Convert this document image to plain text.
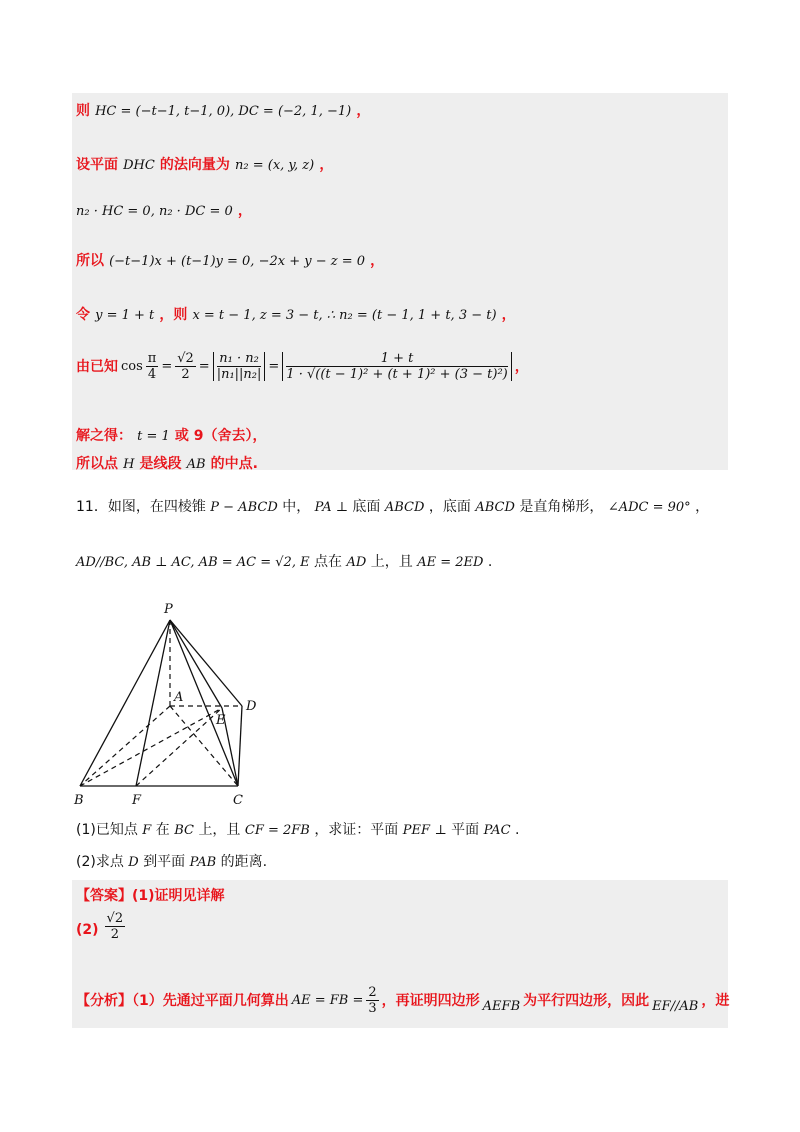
则 HC = (−t−1, t−1, 0), DC = (−2, 1, −1) ，
设平面 DHC 的法向量为 n₂ = (x, y, z) ，
n₂ · HC = 0, n₂ · DC = 0 ，
所以 (−t−1)x + (t−1)y = 0, −2x + y − z = 0 ，
令 y = 1 + t ，则 x = t − 1, z = 3 − t, ∴ n₂ = (t − 1, 1 + t, 3 − t) ，
由已知 $\cos \frac{\pi}{4} = \frac{√2}{2} = \frac{\text{n₁ · n₂}}{\text{|n₁||n₂|}} = \frac{1 + t}{\text{1 · √((t − 1)² + (t + 1)² + (3 − t)²)}}$ ，
解之得： t = 1 或 9（舍去），
所以点 H 是线段 AB 的中点.
11．如图，在四棱锥 P − ABCD 中， PA ⊥ 底面 ABCD ，底面 ABCD 是直角梯形， ∠ADC = 90° ，
AD//BC, AB ⊥ AC, AB = AC = √2, E 点在 AD 上，且 AE = 2ED .
P
A
E
D
B	F	C
(1)已知点 F 在 BC 上，且 CF = 2FB ，求证：平面 PEF ⊥ 平面 PAC .
(2)求点 D 到平面 PAB 的距离.
【答案】(1)证明见详解
$(2) \frac{√2}{2}$
【分析】（1）先通过平面几何算出 AE = FB = $\frac{2}{3}$ ，再证明四边形 AEFB 为平行四边形，因此 EF//AB ，进
